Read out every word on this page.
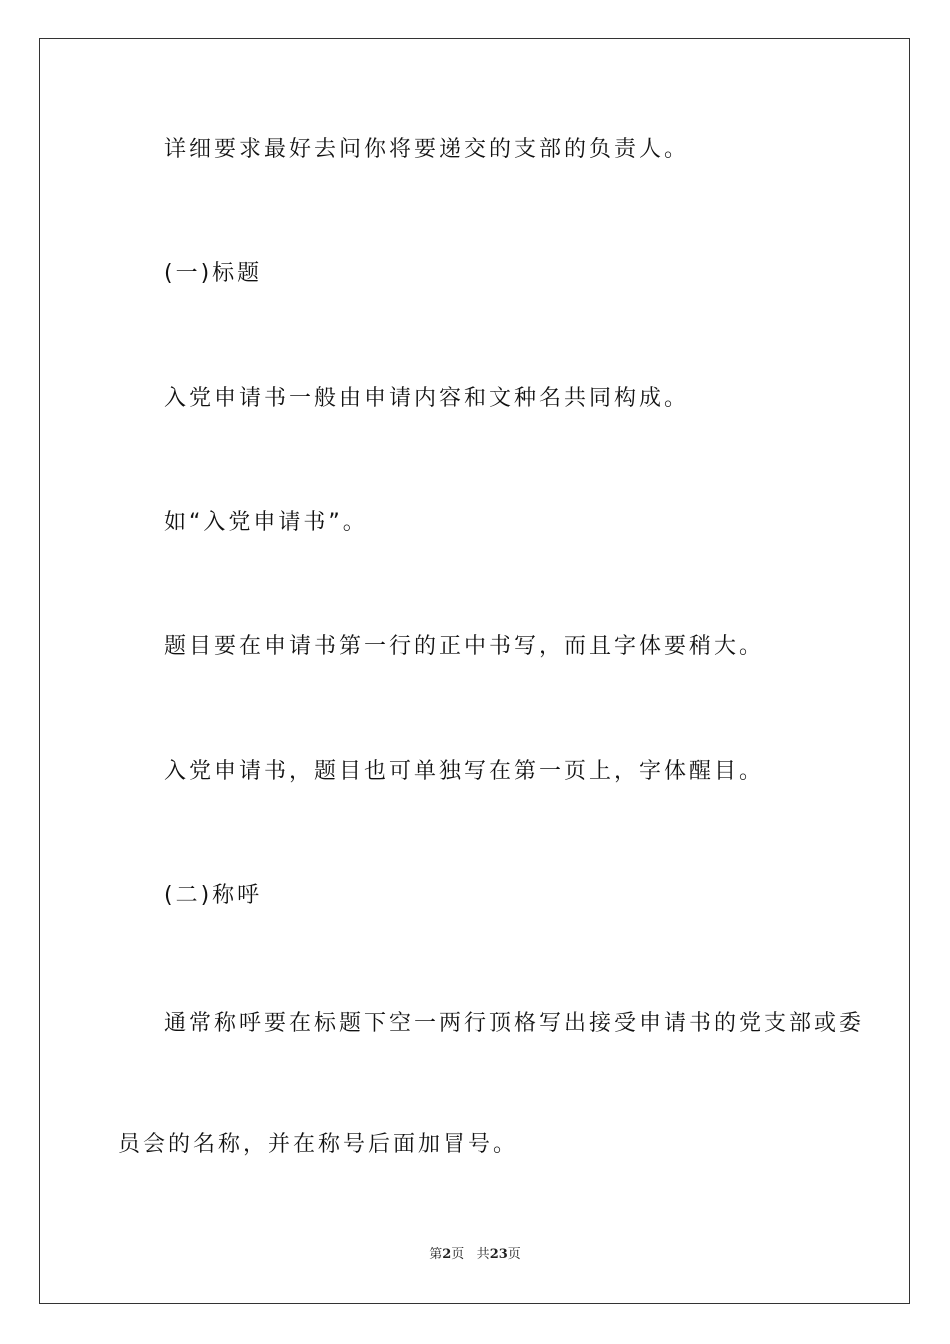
详细要求最好去问你将要递交的支部的负责人。
(一)标题
入党申请书一般由申请内容和文种名共同构成。
如“入党申请书”。
题目要在申请书第一行的正中书写，而且字体要稍大。
入党申请书，题目也可单独写在第一页上，字体醒目。
(二)称呼
通常称呼要在标题下空一两行顶格写出接受申请书的党支部或委
员会的名称，并在称号后面加冒号。
第2页 共23页
